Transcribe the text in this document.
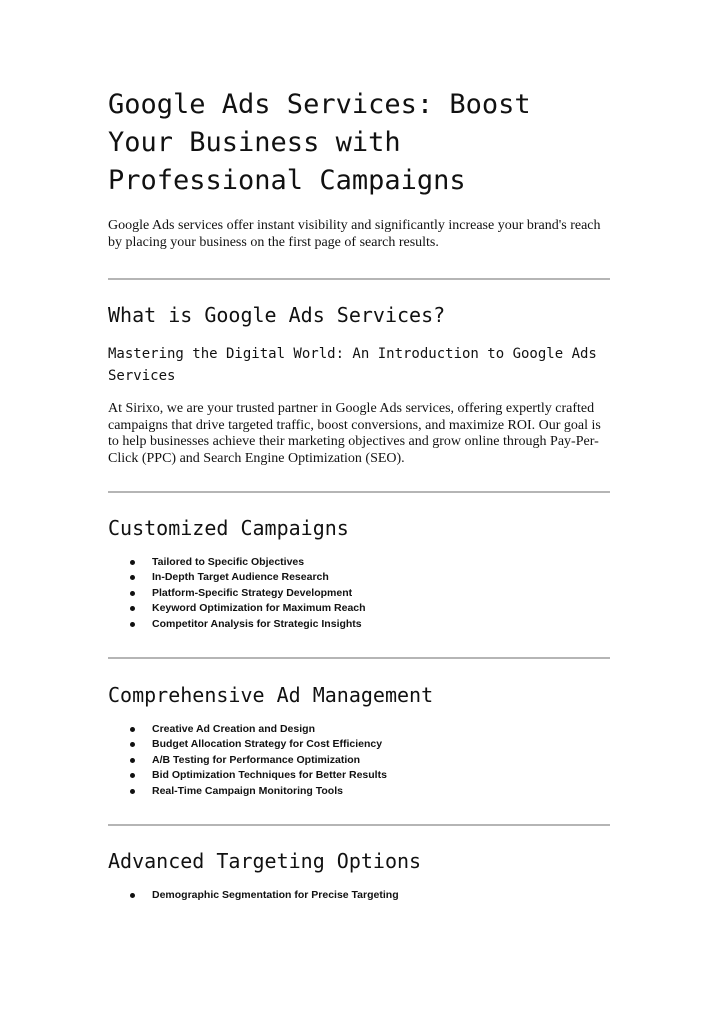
Google Ads Services: Boost Your Business with Professional Campaigns

Google Ads services offer instant visibility and significantly increase your brand's reach by placing your business on the first page of search results.

What is Google Ads Services?
Mastering the Digital World: An Introduction to Google Ads Services

At Sirixo, we are your trusted partner in Google Ads services, offering expertly crafted campaigns that drive targeted traffic, boost conversions, and maximize ROI. Our goal is to help businesses achieve their marketing objectives and grow online through Pay-Per-Click (PPC) and Search Engine Optimization (SEO).

Customized Campaigns
Tailored to Specific Objectives
In-Depth Target Audience Research
Platform-Specific Strategy Development
Keyword Optimization for Maximum Reach
Competitor Analysis for Strategic Insights
Comprehensive Ad Management
Creative Ad Creation and Design
Budget Allocation Strategy for Cost Efficiency
A/B Testing for Performance Optimization
Bid Optimization Techniques for Better Results
Real-Time Campaign Monitoring Tools
Advanced Targeting Options
Demographic Segmentation for Precise Targeting
